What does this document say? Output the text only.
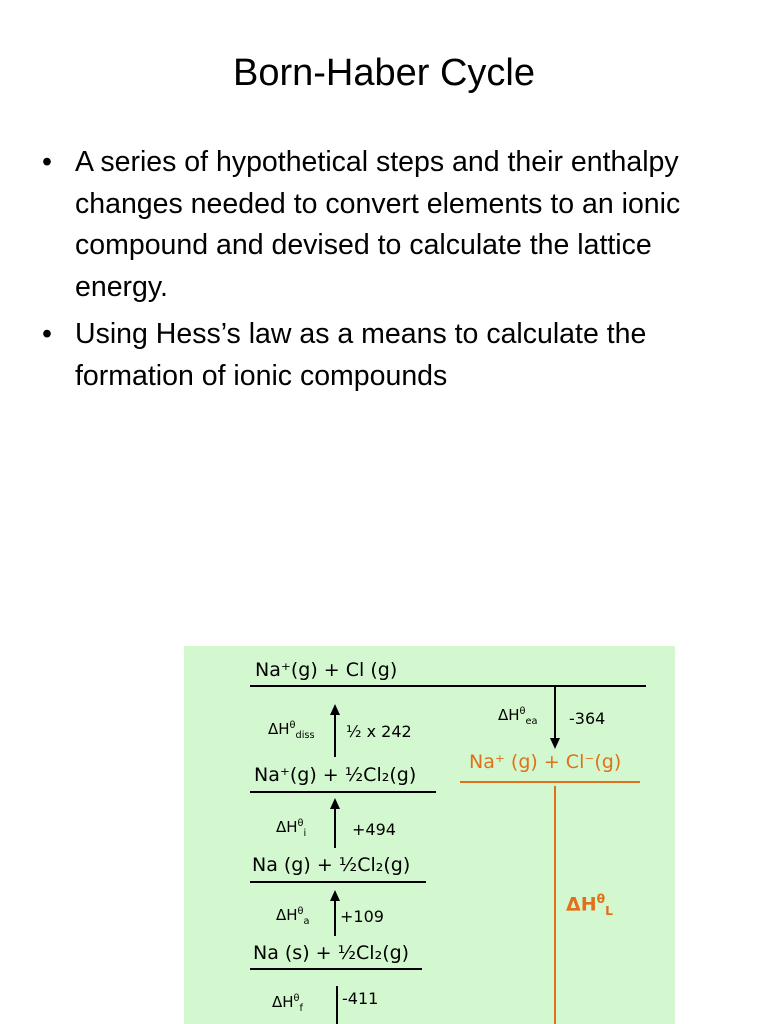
Born-Haber Cycle
• A series of hypothetical steps and their enthalpy changes needed to convert elements to an ionic compound and devised to calculate the lattice energy.
• Using Hess’s law as a means to calculate the formation of ionic compounds
Na⁺(g) + Cl (g)
Na⁺(g) + ½Cl₂(g)
Na (g) + ½Cl₂(g)
Na (s) + ½Cl₂(g)
Na⁺ (g) + Cl⁻(g)
$\Delta H^\theta_{diss}$ ½ x 242
$\Delta H^\theta_i$	+494
$\Delta H^\theta_a +109$
$\Delta H^\theta_f$
-411
$\Delta H^\theta_{ea}$ -364
$\Delta H^\theta_L$
